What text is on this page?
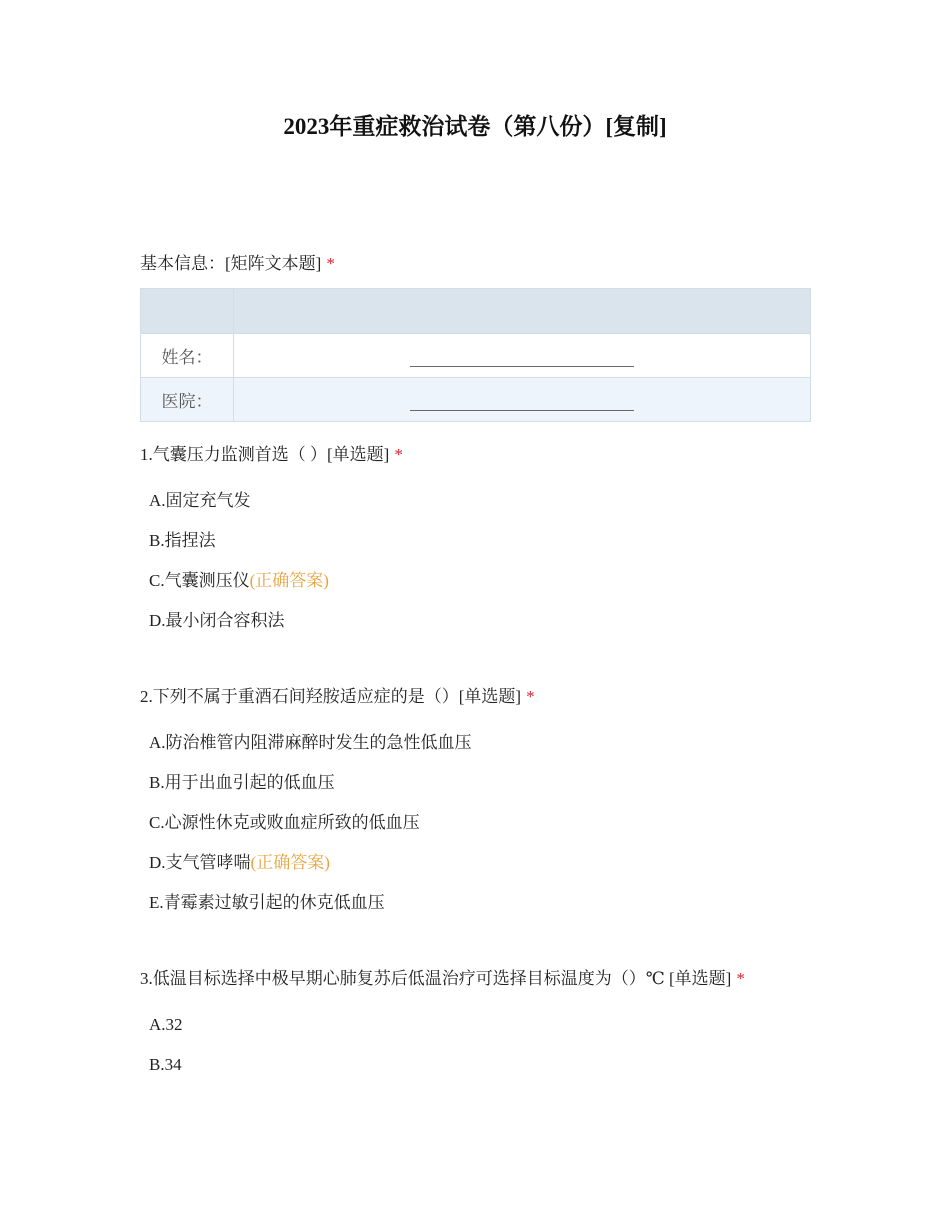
2023年重症救治试卷（第八份）[复制]
基本信息：[矩阵文本题] *

姓名：	
医院：	
1.气囊压力监测首选（ ）[单选题] *
A.固定充气发
B.指捏法
C.气囊测压仪(正确答案)
D.最小闭合容积法
2.下列不属于重酒石间羟胺适应症的是（）[单选题] *
A.防治椎管内阻滞麻醉时发生的急性低血压
B.用于出血引起的低血压
C.心源性休克或败血症所致的低血压
D.支气管哮喘(正确答案)
E.青霉素过敏引起的休克低血压
3.低温目标选择中极早期心肺复苏后低温治疗可选择目标温度为（）℃ [单选题] *
A.32
B.34
